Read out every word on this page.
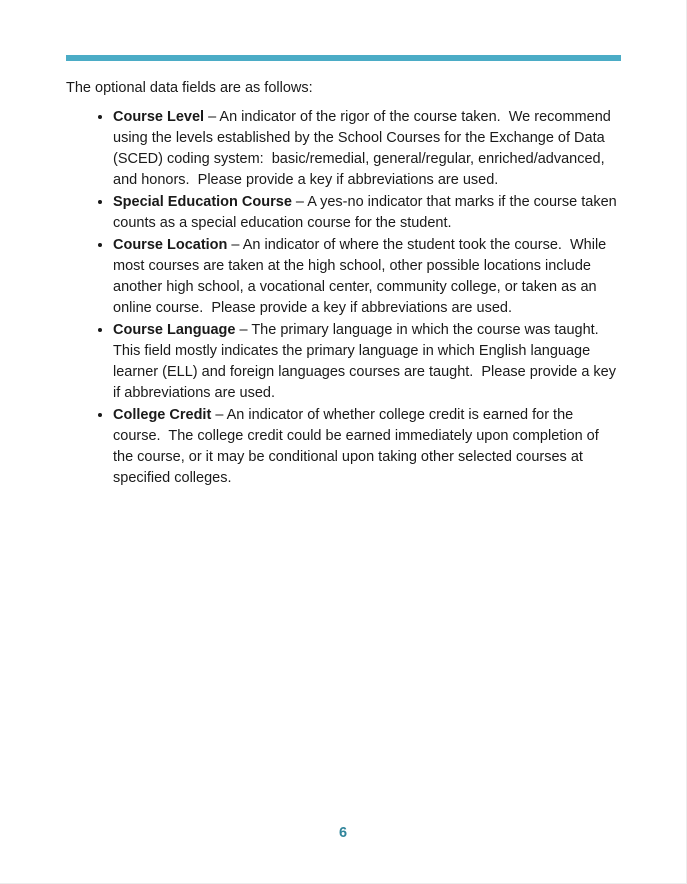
The optional data fields are as follows:

• Course Level – An indicator of the rigor of the course taken.  We recommend using the levels established by the School Courses for the Exchange of Data (SCED) coding system:  basic/remedial, general/regular, enriched/advanced, and honors.  Please provide a key if abbreviations are used.
• Special Education Course – A yes-no indicator that marks if the course taken counts as a special education course for the student.
• Course Location – An indicator of where the student took the course.  While most courses are taken at the high school, other possible locations include another high school, a vocational center, community college, or taken as an online course.  Please provide a key if abbreviations are used.
• Course Language – The primary language in which the course was taught.  This field mostly indicates the primary language in which English language learner (ELL) and foreign languages courses are taught.  Please provide a key if abbreviations are used.
• College Credit – An indicator of whether college credit is earned for the course.  The college credit could be earned immediately upon completion of the course, or it may be conditional upon taking other selected courses at specified colleges.
6
